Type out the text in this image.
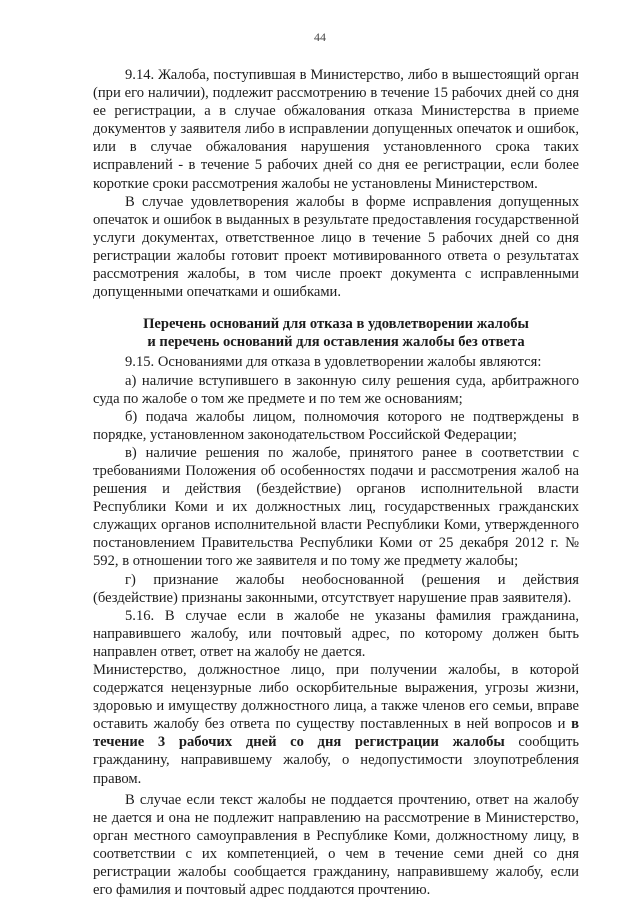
44

9.14. Жалоба, поступившая в Министерство, либо в вышестоящий орган (при его наличии), подлежит рассмотрению в течение 15 рабочих дней со дня ее регистрации, а в случае обжалования отказа Министерства в приеме документов у заявителя либо в исправлении допущенных опечаток и ошибок, или в случае обжалования нарушения установленного срока таких исправлений - в течение 5 рабочих дней со дня ее регистрации, если более короткие сроки рассмотрения жалобы не установлены Министерством.

В случае удовлетворения жалобы в форме исправления допущенных опечаток и ошибок в выданных в результате предоставления государственной услуги документах, ответственное лицо в течение 5 рабочих дней со дня регистрации жалобы готовит проект мотивированного ответа о результатах рассмотрения жалобы, в том числе проект документа с исправленными допущенными опечатками и ошибками.

Перечень оснований для отказа в удовлетворении жалобы
и перечень оснований для оставления жалобы без ответа

9.15. Основаниями для отказа в удовлетворении жалобы являются:

а) наличие вступившего в законную силу решения суда, арбитражного суда по жалобе о том же предмете и по тем же основаниям;

б) подача жалобы лицом, полномочия которого не подтверждены в порядке, установленном законодательством Российской Федерации;

в) наличие решения по жалобе, принятого ранее в соответствии с требованиями Положения об особенностях подачи и рассмотрения жалоб на решения и действия (бездействие) органов исполнительной власти Республики Коми и их должностных лиц, государственных гражданских служащих органов исполнительной власти Республики Коми, утвержденного постановлением Правительства Республики Коми от 25 декабря 2012 г. № 592, в отношении того же заявителя и по тому же предмету жалобы;

г) признание жалобы необоснованной (решения и действия (бездействие) признаны законными, отсутствует нарушение прав заявителя).

5.16. В случае если в жалобе не указаны фамилия гражданина, направившего жалобу, или почтовый адрес, по которому должен быть направлен ответ, ответ на жалобу не дается.

Министерство, должностное лицо, при получении жалобы, в которой содержатся нецензурные либо оскорбительные выражения, угрозы жизни, здоровью и имуществу должностного лица, а также членов его семьи, вправе оставить жалобу без ответа по существу поставленных в ней вопросов и в течение 3 рабочих дней со дня регистрации жалобы сообщить гражданину, направившему жалобу, о недопустимости злоупотребления правом.

В случае если текст жалобы не поддается прочтению, ответ на жалобу не дается и она не подлежит направлению на рассмотрение в Министерство, орган местного самоуправления в Республике Коми, должностному лицу, в соответствии с их компетенцией, о чем в течение семи дней со дня регистрации жалобы сообщается гражданину, направившему жалобу, если его фамилия и почтовый адрес поддаются прочтению.
